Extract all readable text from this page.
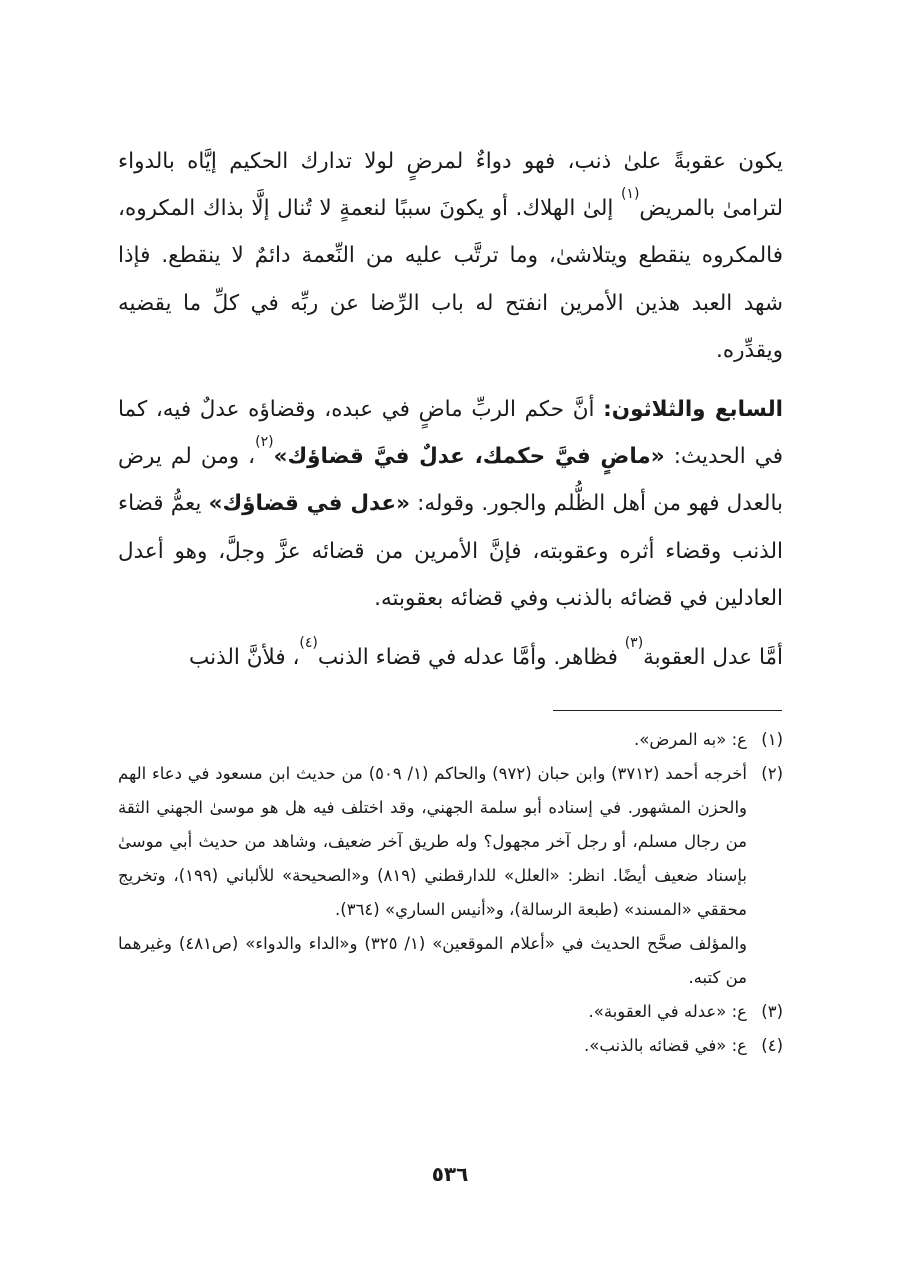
يكون عقوبةً علىٰ ذنب، فهو دواءٌ لمرضٍ لولا تدارك الحكيم إيَّاه بالدواء لترامىٰ بالمريض$^{(١)}$ إلىٰ الهلاك. أو يكونَ سببًا لنعمةٍ لا تُنال إلَّا بذاك المكروه، فالمكروه ينقطع ويتلاشىٰ، وما ترتَّب عليه من النِّعمة دائمٌ لا ينقطع. فإذا شهد العبد هذين الأمرين انفتح له باب الرِّضا عن ربِّه في كلِّ ما يقضيه ويقدِّره.

السابع والثلاثون: أنَّ حكم الربِّ ماضٍ في عبده، وقضاؤه عدلٌ فيه، كما في الحديث: «ماضٍ فيَّ حكمك، عدلٌ فيَّ قضاؤك»$^{(٢)}$، ومن لم يرض بالعدل فهو من أهل الظُّلم والجور. وقوله: «عدل في قضاؤك» يعمُّ قضاء الذنب وقضاء أثره وعقوبته، فإنَّ الأمرين من قضائه عزَّ وجلَّ، وهو أعدل العادلين في قضائه بالذنب وفي قضائه بعقوبته.

أمَّا عدل العقوبة$^{(٣)}$ فظاهر. وأمَّا عدله في قضاء الذنب$^{(٤)}$، فلأنَّ الذنب

(١)
ع: «به المرض».
(٢)

أخرجه أحمد (٣٧١٢) وابن حبان (٩٧٢) والحاكم (١/ ٥٠٩) من حديث ابن مسعود في دعاء الهم والحزن المشهور. في إسناده أبو سلمة الجهني، وقد اختلف فيه هل هو موسىٰ الجهني الثقة من رجال مسلم، أو رجل آخر مجهول؟ وله طريق آخر ضعيف، وشاهد من حديث أبي موسىٰ بإسناد ضعيف أيضًا. انظر: «العلل» للدارقطني (٨١٩) و«الصحيحة» للألباني (١٩٩)، وتخريج محققي «المسند» (طبعة الرسالة)، و«أنيس الساري» (٣٦٤).

والمؤلف صحَّح الحديث في «أعلام الموقعين» (١/ ٣٢٥) و«الداء والدواء» (ص٤٨١) وغيرهما من كتبه.

(٣)
ع: «عدله في العقوبة».
(٤)
ع: «في قضائه بالذنب».
٥٣٦
